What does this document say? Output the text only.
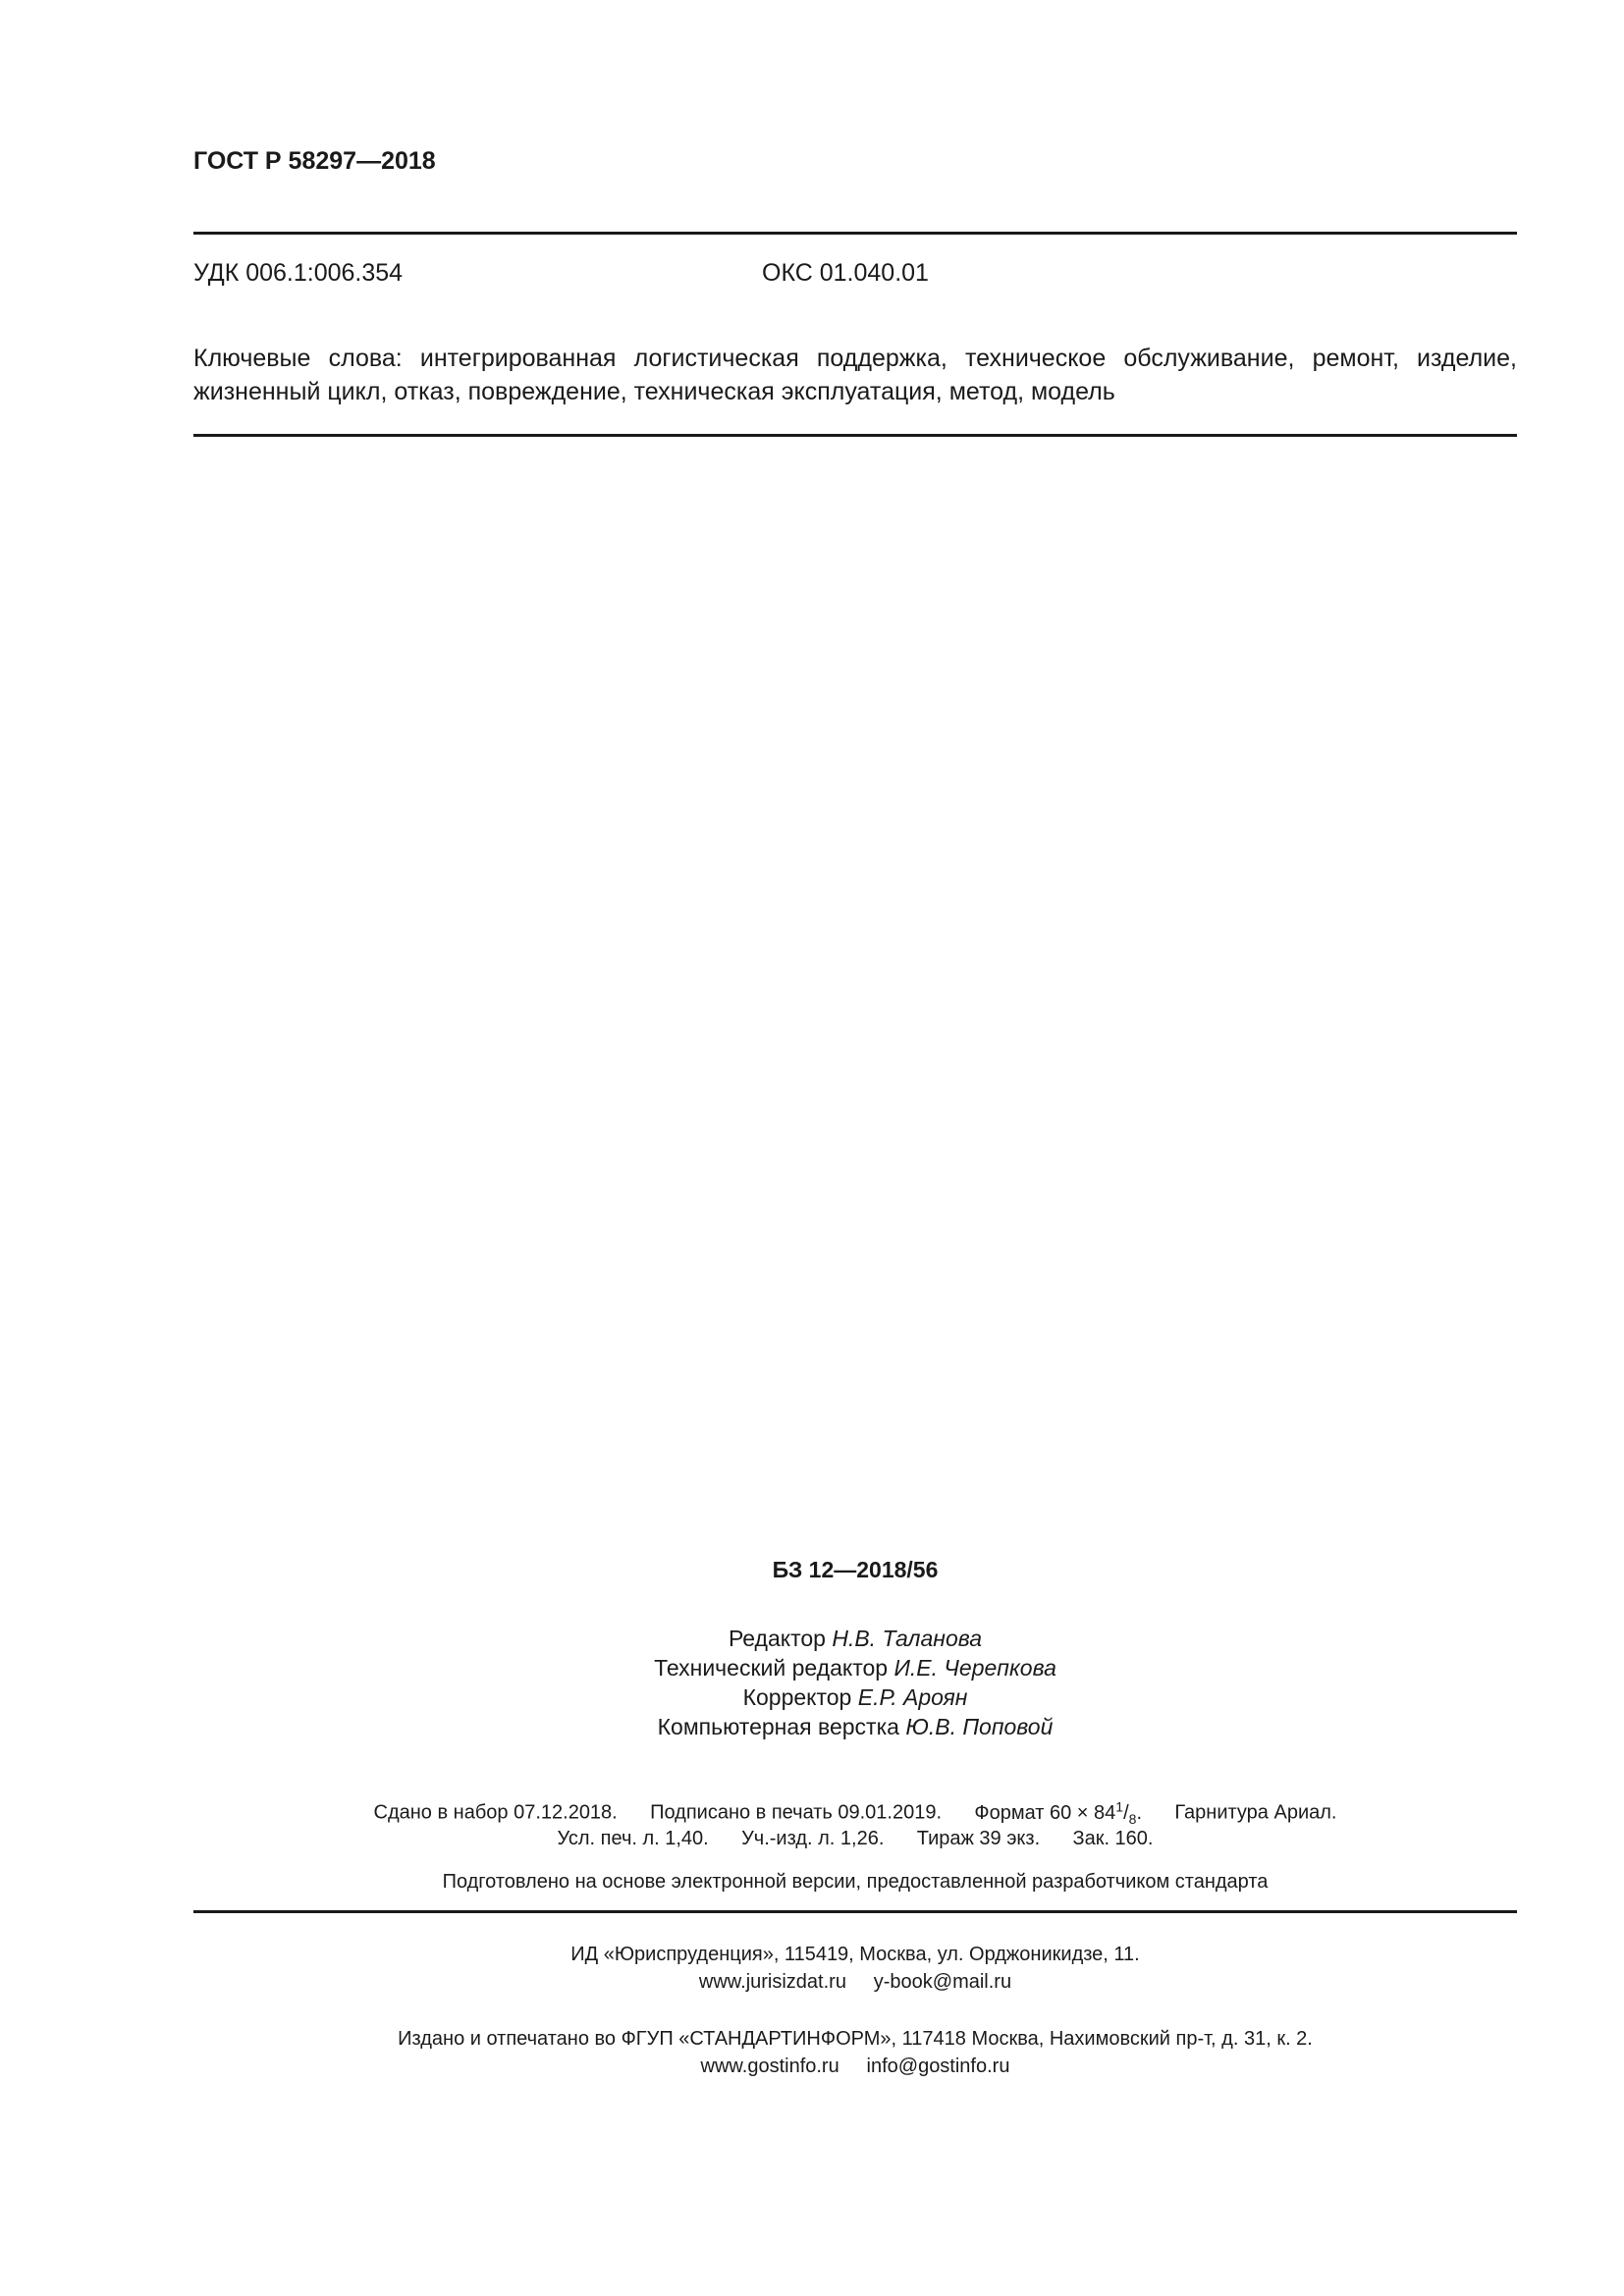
ГОСТ Р 58297—2018
УДК 006.1:006.354	ОКС 01.040.01
Ключевые слова: интегрированная логистическая поддержка, техническое обслуживание, ремонт, изделие, жизненный цикл, отказ, повреждение, техническая эксплуатация, метод, модель
БЗ 12—2018/56
Редактор Н.В. Таланова
Технический редактор И.Е. Черепкова
Корректор Е.Р. Ароян
Компьютерная верстка Ю.В. Поповой
Сдано в набор 07.12.2018. Подписано в печать 09.01.2019. Формат $60 \times 84^1/_8$. Гарнитура Ариал.
Усл. печ. л. 1,40. Уч.-изд. л. 1,26. Тираж 39 экз. Зак. 160.
Подготовлено на основе электронной версии, предоставленной разработчиком стандарта
ИД «Юриспруденция», 115419, Москва, ул. Орджоникидзе, 11.
www.jurisizdat.ru y-book@mail.ru
Издано и отпечатано во ФГУП «СТАНДАРТИНФОРМ», 117418 Москва, Нахимовский пр-т, д. 31, к. 2.
www.gostinfo.ru info@gostinfo.ru
